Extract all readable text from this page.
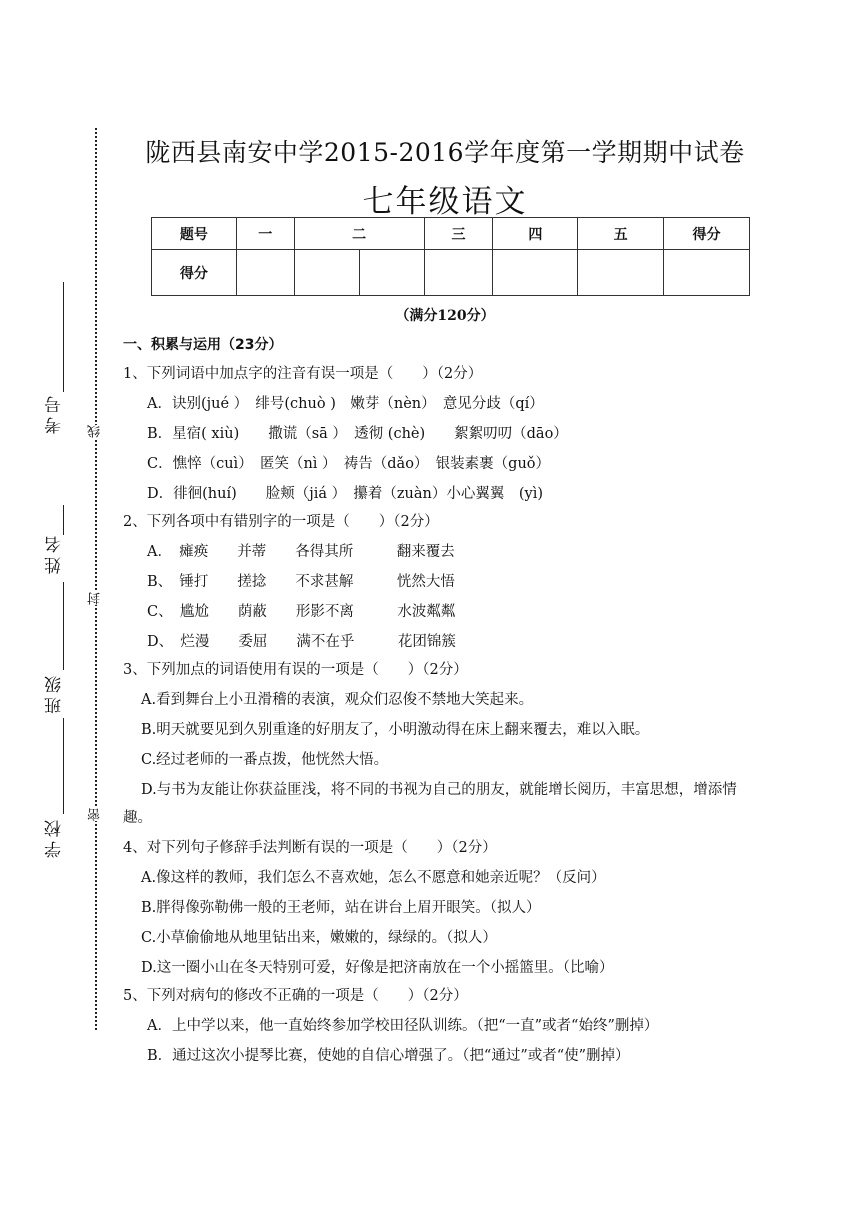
线
封
密
考号
姓名
班级
学校
陇西县南安中学2015-2016学年度第一学期期中试卷
七年级语文
题号	一	二		三	四	五	得分
得分							
（满分120分）
一、积累与运用（23分）
1、下列词语中加点字的注音有误一项是（　　）（2分）
A．诀别(jué ）　绯号(chuò )　嫩芽（nèn）　意见分歧（qí）
B．星宿( xiù)　　撒谎（sā ）　透彻 (chè)　　絮絮叨叨（dāo）
C．憔悴（cuì）　匿笑（nì ）　祷告（dǎo）　银装素裹（guǒ）
D．徘徊(huí)　　脸颊（jiá ）　攥着（zuàn）小心翼翼　(yì)
2、下列各项中有错别字的一项是（　　）（2分）
A．　瘫痪　　并蒂　　各得其所　　　翻来覆去
B、　锤打　　搓捻　　不求甚解　　　恍然大悟
C、　尴尬　　荫蔽　　形影不离　　　水波粼粼
D、　烂漫　　委屈　　满不在乎　　　花团锦簇
3、下列加点的词语使用有误的一项是（　　）（2分）
A.看到舞台上小丑滑稽的表演，观众们忍俊不禁地大笑起来。
B.明天就要见到久别重逢的好朋友了，小明激动得在床上翻来覆去，难以入眠。
C.经过老师的一番点拨，他恍然大悟。
D.与书为友能让你获益匪浅，将不同的书视为自己的朋友，就能增长阅历，丰富思想，增添情
趣。
4、对下列句子修辞手法判断有误的一项是（　　）（2分）
A.像这样的教师，我们怎么不喜欢她，怎么不愿意和她亲近呢？（反问）
B.胖得像弥勒佛一般的王老师，站在讲台上眉开眼笑。（拟人）
C.小草偷偷地从地里钻出来，嫩嫩的，绿绿的。（拟人）
D.这一圈小山在冬天特别可爱，好像是把济南放在一个小摇篮里。（比喻）
5、下列对病句的修改不正确的一项是（　　）（2分）
A．上中学以来，他一直始终参加学校田径队训练。（把“一直”或者“始终”删掉）
B．通过这次小提琴比赛，使她的自信心增强了。（把“通过”或者“使”删掉）
